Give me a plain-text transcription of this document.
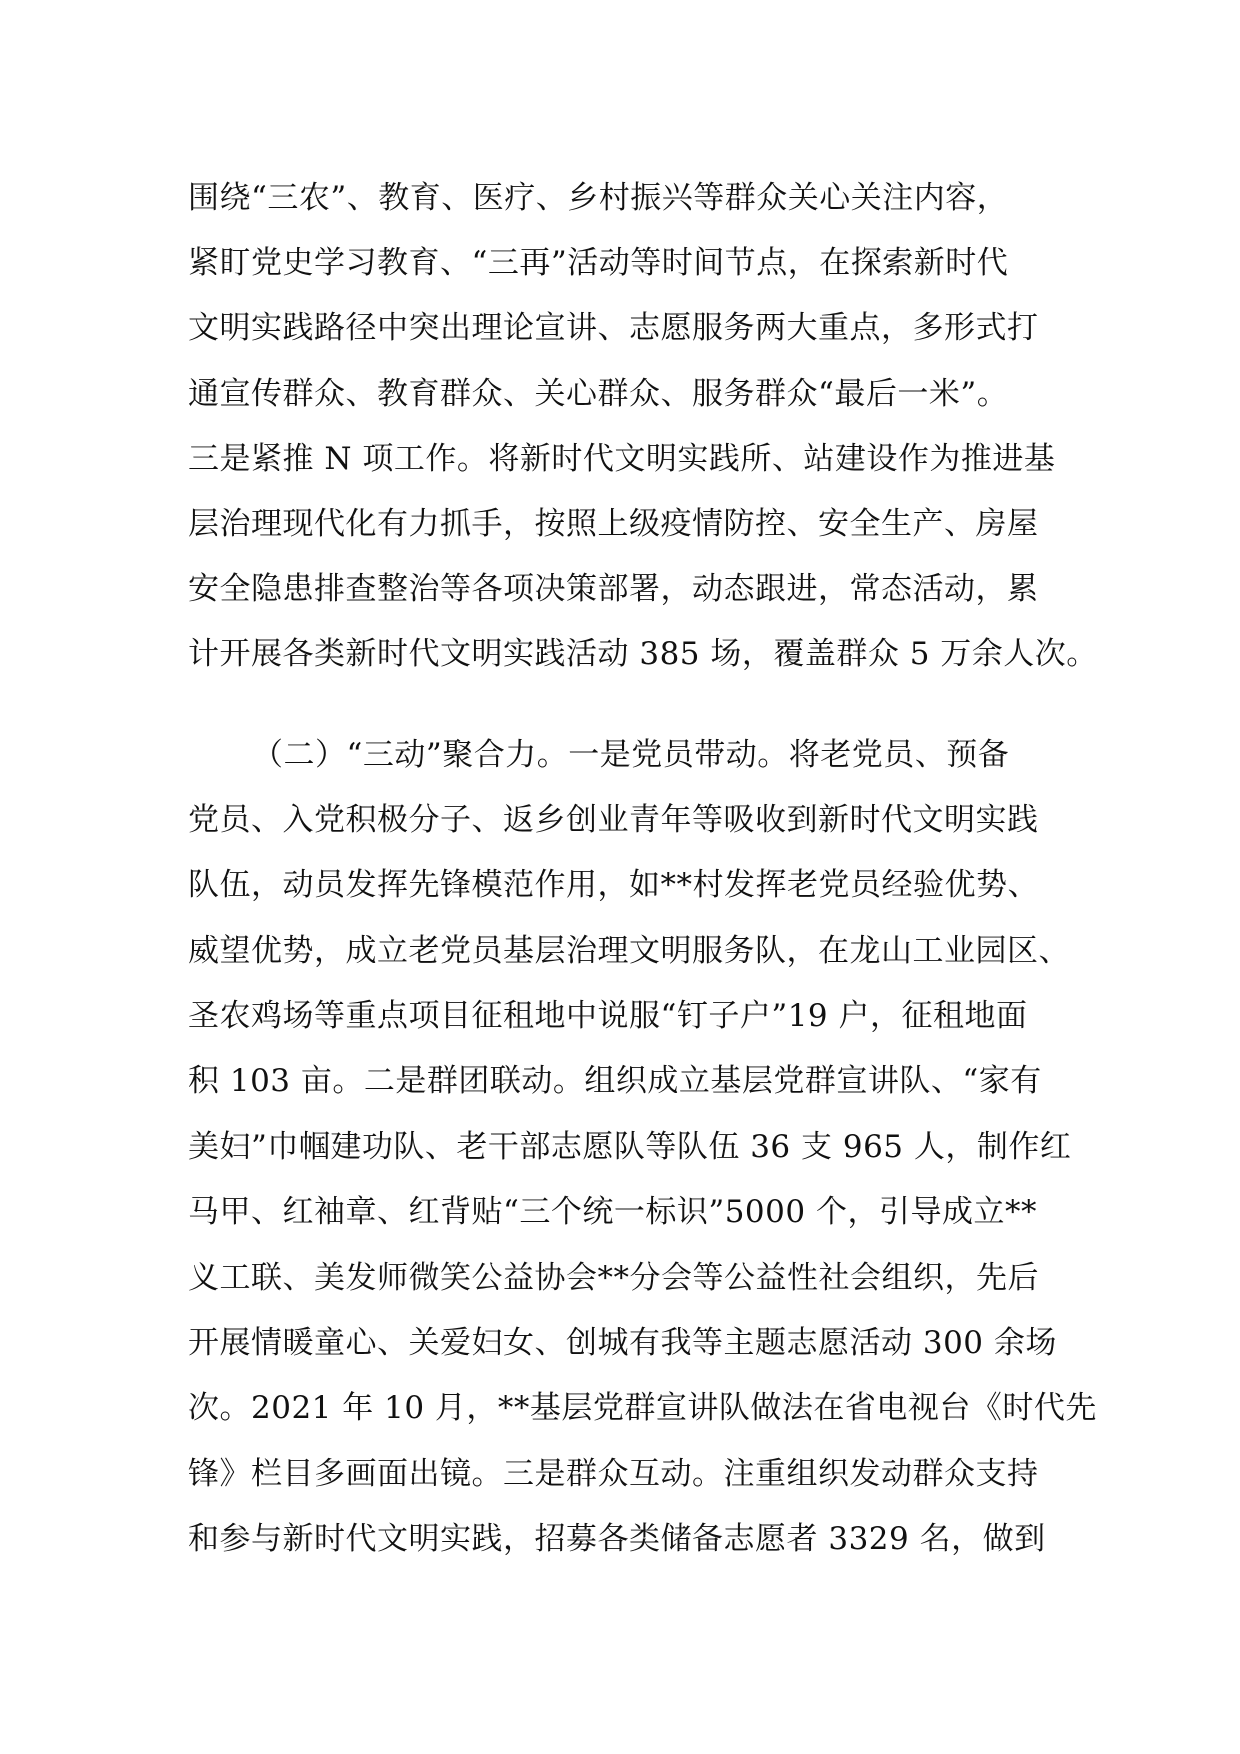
围绕“三农”、教育、医疗、乡村振兴等群众关心关注内容，
紧盯党史学习教育、“三再”活动等时间节点，在探索新时代
文明实践路径中突出理论宣讲、志愿服务两大重点，多形式打
通宣传群众、教育群众、关心群众、服务群众“最后一米”。
三是紧推 N 项工作。将新时代文明实践所、站建设作为推进基
层治理现代化有力抓手，按照上级疫情防控、安全生产、房屋
安全隐患排查整治等各项决策部署，动态跟进，常态活动，累
计开展各类新时代文明实践活动 385 场，覆盖群众 5 万余人次。

（二）“三动”聚合力。一是党员带动。将老党员、预备
党员、入党积极分子、返乡创业青年等吸收到新时代文明实践
队伍，动员发挥先锋模范作用，如**村发挥老党员经验优势、
威望优势，成立老党员基层治理文明服务队，在龙山工业园区、
圣农鸡场等重点项目征租地中说服“钉子户”19 户，征租地面
积 103 亩。二是群团联动。组织成立基层党群宣讲队、“家有
美妇”巾帼建功队、老干部志愿队等队伍 36 支 965 人，制作红
马甲、红袖章、红背贴“三个统一标识”5000 个，引导成立**
义工联、美发师微笑公益协会**分会等公益性社会组织，先后
开展情暖童心、关爱妇女、创城有我等主题志愿活动 300 余场
次。2021 年 10 月，**基层党群宣讲队做法在省电视台《时代先
锋》栏目多画面出镜。三是群众互动。注重组织发动群众支持
和参与新时代文明实践，招募各类储备志愿者 3329 名，做到
